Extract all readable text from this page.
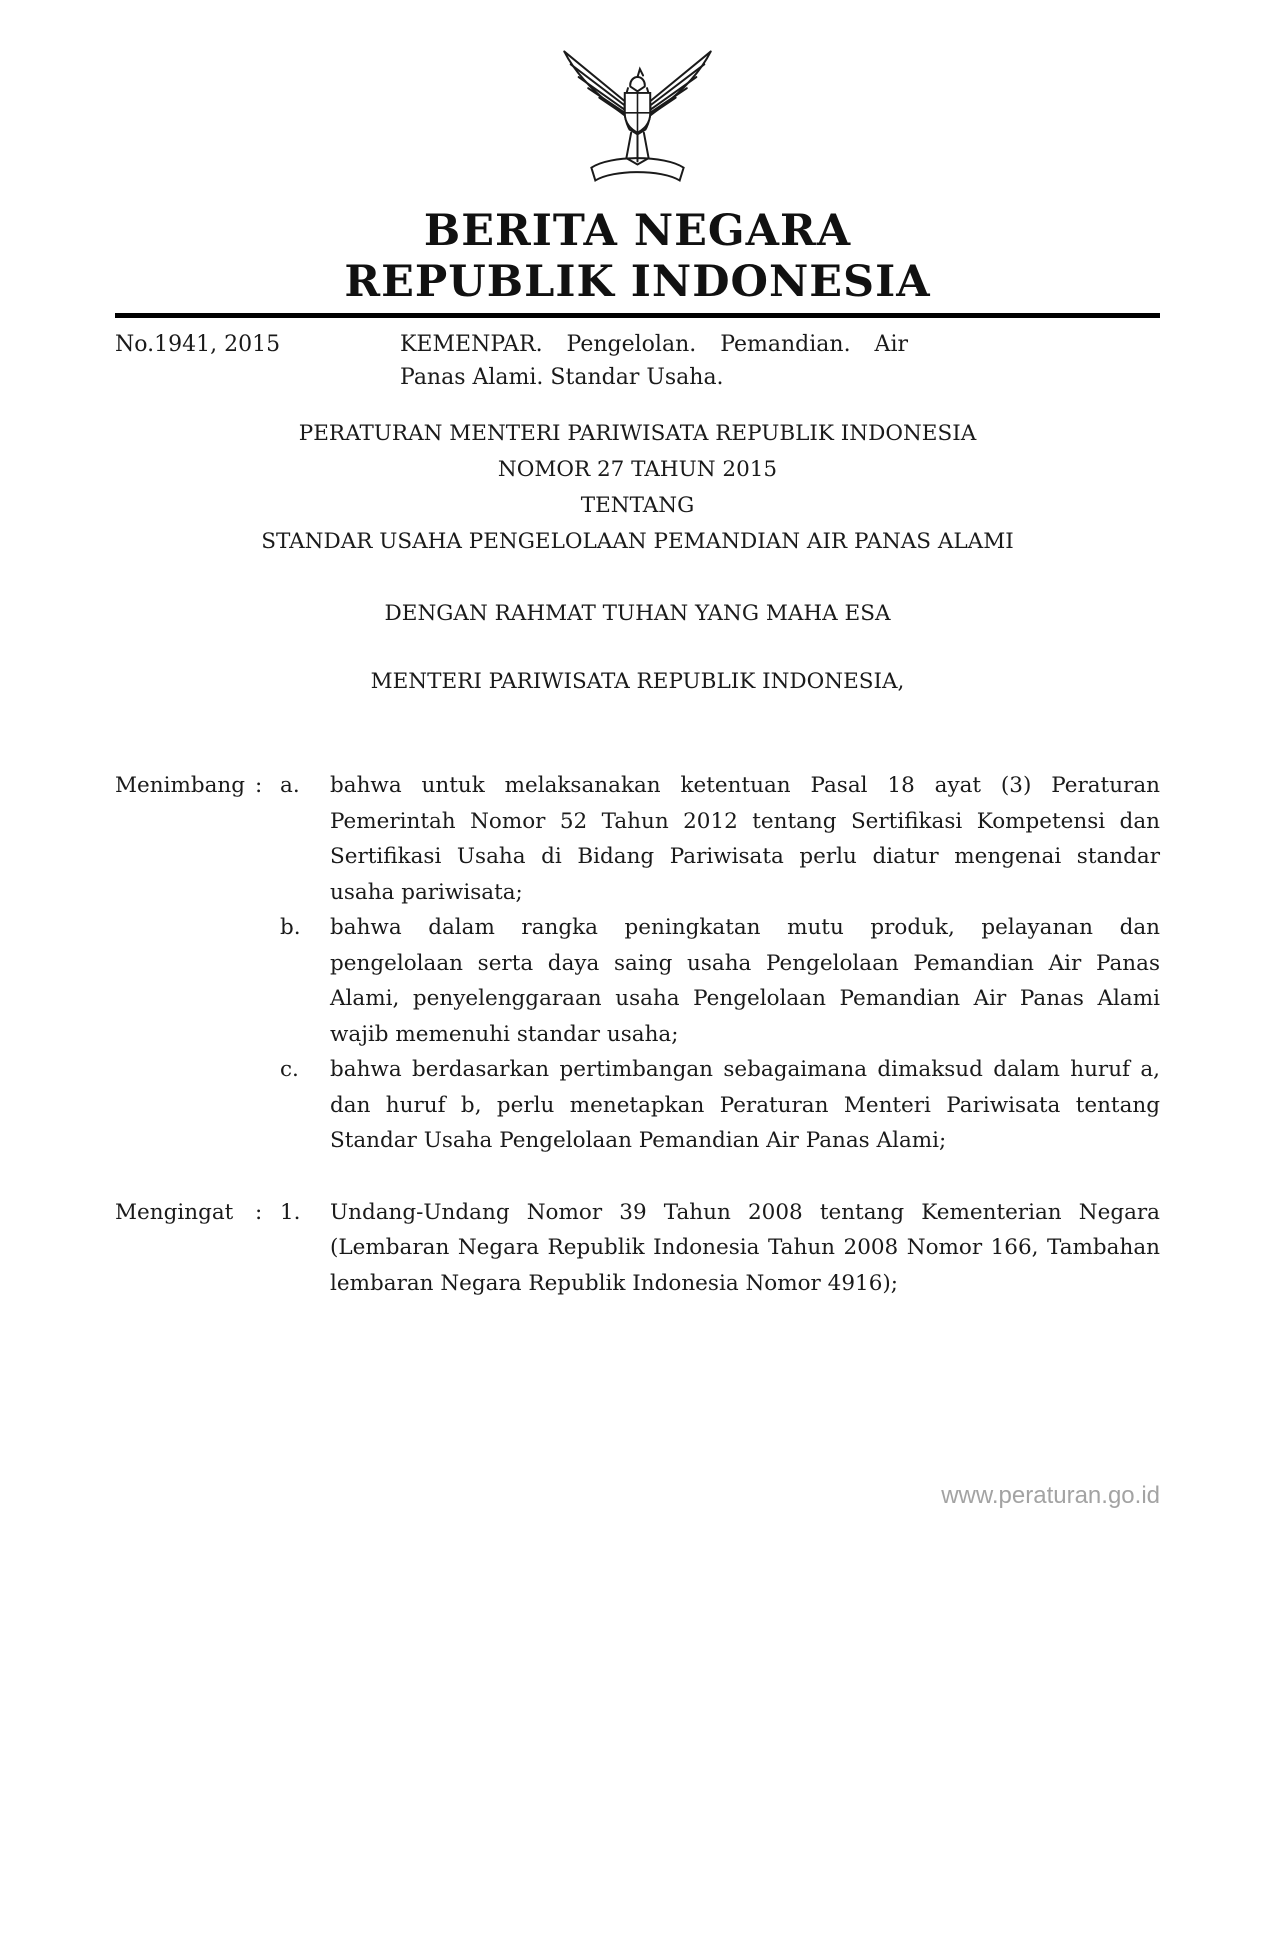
BERITA NEGARA
REPUBLIK INDONESIA
No.1941, 2015	KEMENPAR. Pengelolan. Pemandian. Air Panas Alami. Standar Usaha.
PERATURAN MENTERI PARIWISATA REPUBLIK INDONESIA
NOMOR 27 TAHUN 2015
TENTANG
STANDAR USAHA PENGELOLAAN PEMANDIAN AIR PANAS ALAMI
DENGAN RAHMAT TUHAN YANG MAHA ESA
MENTERI PARIWISATA REPUBLIK INDONESIA,
Menimbang : a.	bahwa untuk melaksanakan ketentuan Pasal 18 ayat (3) Peraturan Pemerintah Nomor 52 Tahun 2012 tentang Sertifikasi Kompetensi dan Sertifikasi Usaha di Bidang Pariwisata perlu diatur mengenai standar usaha pariwisata;
b.	bahwa dalam rangka peningkatan mutu produk, pelayanan dan pengelolaan serta daya saing usaha Pengelolaan Pemandian Air Panas Alami, penyelenggaraan usaha Pengelolaan Pemandian Air Panas Alami wajib memenuhi standar usaha;
c.	bahwa berdasarkan pertimbangan sebagaimana dimaksud dalam huruf a, dan huruf b, perlu menetapkan Peraturan Menteri Pariwisata tentang Standar Usaha Pengelolaan Pemandian Air Panas Alami;
Mengingat	: 1.	Undang-Undang Nomor 39 Tahun 2008 tentang Kementerian Negara (Lembaran Negara Republik Indonesia Tahun 2008 Nomor 166, Tambahan lembaran Negara Republik Indonesia Nomor 4916);
www.peraturan.go.id
